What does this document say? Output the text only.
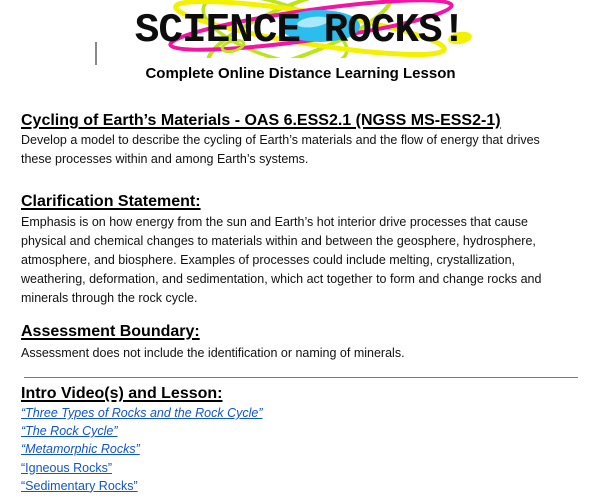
SCIENCE ROCKS!
Complete Online Distance Learning Lesson
Cycling of Earth’s Materials - OAS 6.ESS2.1 (NGSS MS-ESS2-1)
Develop a model to describe the cycling of Earth’s materials and the flow of energy that drives
these processes within and among Earth’s systems.
Clarification Statement:
Emphasis is on how energy from the sun and Earth’s hot interior drive processes that cause
physical and chemical changes to materials within and between the geosphere, hydrosphere,
atmosphere, and biosphere. Examples of processes could include melting, crystallization,
weathering, deformation, and sedimentation, which act together to form and change rocks and
minerals through the rock cycle.
Assessment Boundary:
Assessment does not include the identification or naming of minerals.
Intro Video(s) and Lesson:
“Three Types of Rocks and the Rock Cycle”
“The Rock Cycle”
“Metamorphic Rocks”
“Igneous Rocks”
“Sedimentary Rocks”
